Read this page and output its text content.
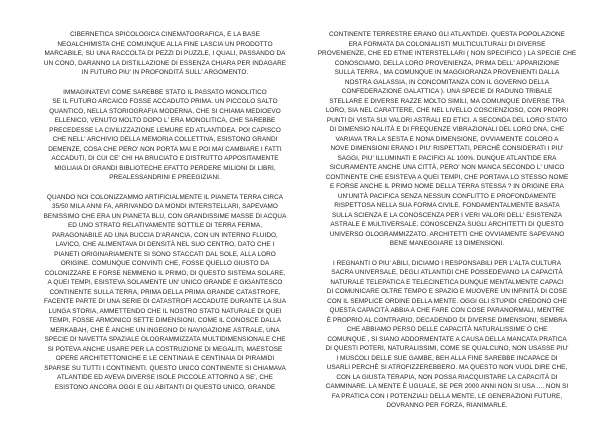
CIBERNETICA SPICOLOGICA CINEMATOGRAFICA, E LA BASE
NEOALCHIMISTA CHE COMUNQUE ALLA FINE LASCIA UN PRODOTTO
MARCABILE, SU UNA RACCOLTA DI PEZZI DI PUZZLE, I QUALI, PASSANDO DA
UN CONO, DARANNO LA DISTILLAZIONE DI ESSENZA CHIARA PER INDAGARE
IN FUTURO PIU' IN PROFONDITÀ SULL' ARGOMENTO.

IMMAGINATEVI COME SAREBBE STATO IL PASSATO MONOLITICO
SE IL FUTURO ARCAICO FOSSE ACCADUTO PRIMA. UN PICCOLO SALTO
QUANTICO, NELLA STORIOGRAFIA MODERNA, CHE SI CHIAMA MEDIOEVO
ELLENICO, VENUTO MOLTO DOPO L' ERA MONOLITICA, CHE SAREBBE
PRECEDESSE LA CIVILIZZAZIONE LEMURE ED ATLANTIDEA. POI CAPISCO
CHE NELL' ARCHIVIO DELLA MEMORIA COLLETTIVA, ESISTONO GRANDI
DEMENZE, COSA CHE PERO' NON PORTA MAI E POI MAI CAMBIARE I FATTI
ACCADUTI, DI CUI CE' CHI HA BRUCIATO E DISTRUTTO APPOSITAMENTE
MIGLIAIA DI GRANDI BIBLIOTECHE EFATTO PERDERE MILIONI DI LIBRI,
PREALESSANDRINI E PREEGIZIANI.

QUANDO NOI COLONIZZAMMO ARTIFICIALMENTE IL PIANETA TERRA CIRCA
35/50 MILA ANNI FA, ARRIVANDO DA MONDI INTERSTELLARI, SAPEVAMO
BENISSIMO CHE ERA UN PIANETA BLU, CON GRANDISSIME MASSE DI ACQUA
ED UNO STRATO RELATIVAMENTE SOTTILE DI TERRA FERMA,
PARAGONABILE AD UNA BUCCIA D'ARANCIA, CON UN INTERNO FLUIDO,
LAVICO, CHE ALIMENTAVA DI DENSITÀ NEL SUO CENTRO, DATO CHE I
PIANETI ORIGINARIAMENTE SI SONO STACCATI DAL SOLE, ALLA LORO
ORIGINE. COMUNQUE CONVINTI CHE, FOSSE QUELLO GIUSTO DA
COLONIZZARE E FORSE NEMMENO IL PRIMO, DI QUESTO SISTEMA SOLARE,
A QUEI TEMPI, ESISTEVA SOLAMENTE UN' UNICO GRANDE E GIGANTESCO
CONTINENTE SULLA TERRA, PRIMA DELLA PRIMA GRANDE CATASTROFE,
FACENTE PARTE DI UNA SERIE DI CATASTROFI ACCADUTE DURANTE LA SUA
LUNGA STORIA, AMMETTENDO CHE IL NOSTRO STATO NATURALE DI QUEI
TEMPI, FOSSE ARMONICO SETTE DIMENSIONI, COME IL CONOSCE DALLA
MERKABAH, CHE È ANCHE UN INGEGNO DI NAVIGAZIONE ASTRALE, UNA
SPECIE DI NAVETTA SPAZIALE OLOGRAMMIZZATA MULTIDIMENSIONALE CHE
SI POTEVA ANCHE USARE PER LA COSTRUZIONE DI MEGALITI, MAESTOSE
OPERE ARCHITETTONICHE E LE CENTINAIA E CENTINAIA DI PIRAMIDI
SPARSE SU TUTTI I CONTINENTI. QUESTO UNICO CONTINENTE SI CHIAMAVA
ATLANTIDE ED AVEVA DIVERSE ISOLE PICCOLE ATTORNO A SE', CHE
ESISTONO ANCORA OGGI E GLI ABITANTI DI QUESTO UNICO, GRANDE

CONTINENTE TERRESTRE ERANO GLI ATLANTIDEI. QUESTA POPOLAZIONE
ERA FORMATA DA COLONIALISTI MULTICULTURALI DI DIVERSE
PROVENIENZE, CHE ED ETNIE INTERSTELLARI ( NON SPECIFICO ) LA SPECIE CHE
CONOSCIAMO, DELLA LORO PROVENIENZA, PRIMA DELL' APPARIZIONE
SULLA TERRA , MA COMUNQUE IN MAGGIORANZA PROVENIENTI DALLA
NOSTRA GALASSIA, IN CONCOMITANZA CON IL GOVERNO DELLA
CONFEDERAZIONE GALATTICA ). UNA SPECIE DI RADUNO TRIBALE
STELLARE E DIVERSE RAZZE MOLTO SIMILI, MA COMUNQUE DIVERSE TRA
LORO, SIA NEL CARATTERE, CHE NEL LIVELLO COSCIENZIOSO, CON PROPRI
PUNTI DI VISTA SUI VALORI ASTRALI ED ETICI. A SECONDA DEL LORO STATO
DI DIMENSIO NALITÀ E DI FREQUENZE VIBRAZIONALI DEL LORO DNA, CHE
VARIAVA TRA LA SESTA E NONA DIMENSIONE, OVVIAMENTE COLORO A
NOVE DIMENSIONI ERANO I PIU' RISPETTATI, PERCHÈ CONSIDERATI I PIU'
SAGGI, PIU' ILLUMINATI E PACIFICI AL 100%. DUNQUE ATLANTIDE ERA
SICURAMENTE ANCHE UNA CITTÀ, PERO' NON MANCA SECONDO L' UNICO
CONTINENTE CHE ESISTEVA A QUEI TEMPI, CHE PORTAVA LO STESSO NOME
E FORSE ANCHE IL PRIMO NOME DELLA TERRA STESSA ? IN ORIGINE ERA
UN'UNITÀ PACIFICA SENZA NESSUN CONFLITTO E PROFONDAMENTE
RISPETTOSA NELLA SUA FORMA CIVILE. FONDAMENTALMENTE BASATA
SULLA SCIENZA E LA CONOSCENZA PER I VERI VALORI DELL' ESISTENZA
ASTRALE E MULTIVERSALE. CONOSCENZA SUGLI ARCHITETTI DI QUESTO
UNIVERSO OLOGRAMMIZZATO. ARCHITETTI CHE OVVIAMENTE SAPEVANO
BENE MANEGGIARE 13 DIMENSIONI.

I REGNANTI O PIU' ABILI, DICIAMO I RESPONSABILI PER L'ALTA CULTURA
SACRA UNIVERSALE, DEGLI ATLANTIDI CHE POSSEDEVANO LA CAPACITÀ
NATURALE TELEPATICA E TELECINETICA DUNQUE MENTALMENTE CAPACI
DI COMUNICARE OLTRE TEMPO E SPAZIO E MUOVERE UN INFINITÀ DI COSE
CON IL SEMPLICE ORDINE DELLA MENTE. OGGI GLI STUPIDI CREDONO CHE
QUESTA CAPACITÀ ABBIA A CHE FARE CON COSE PARANORMALI, MENTRE
È PROPRIO AL CONTRARIO, DECADENDO DI DIVERSE DIMENSIONI, SEMBRA
CHE ABBIAMO PERSO DELLE CAPACITÀ NATURALISSIME O CHE
COMUNQUE , SI SIANO ADDORMENTATE A CAUSA DELLA MANCATA PRATICA
DI QUESTI POTERI, NATURALISSIMI, COME SE QUALCUNO, NON USASSE PIU'
I MUSCOLI DELLE SUE GAMBE, BEH ALLA FINE SAREBBE INCAPACE DI
USARLI PERCHÈ SI ATROFIZZEREBBERO. MA QUESTO NON VUOL DIRE CHE,
CON LA GIUSTA TERAPIA, NON POSSA RIACQUISTARE LA CAPACITÀ DI
CAMMINARE. LA MENTE È UGUALE, SE PER 2000 ANNI NON SI USA .... NON SI
FA PRATICA CON I POTENZIALI DELLA MENTE, LE GENERAZIONI FUTURE,
DOVRANNO PER FORZA, RIANIMARLE.
